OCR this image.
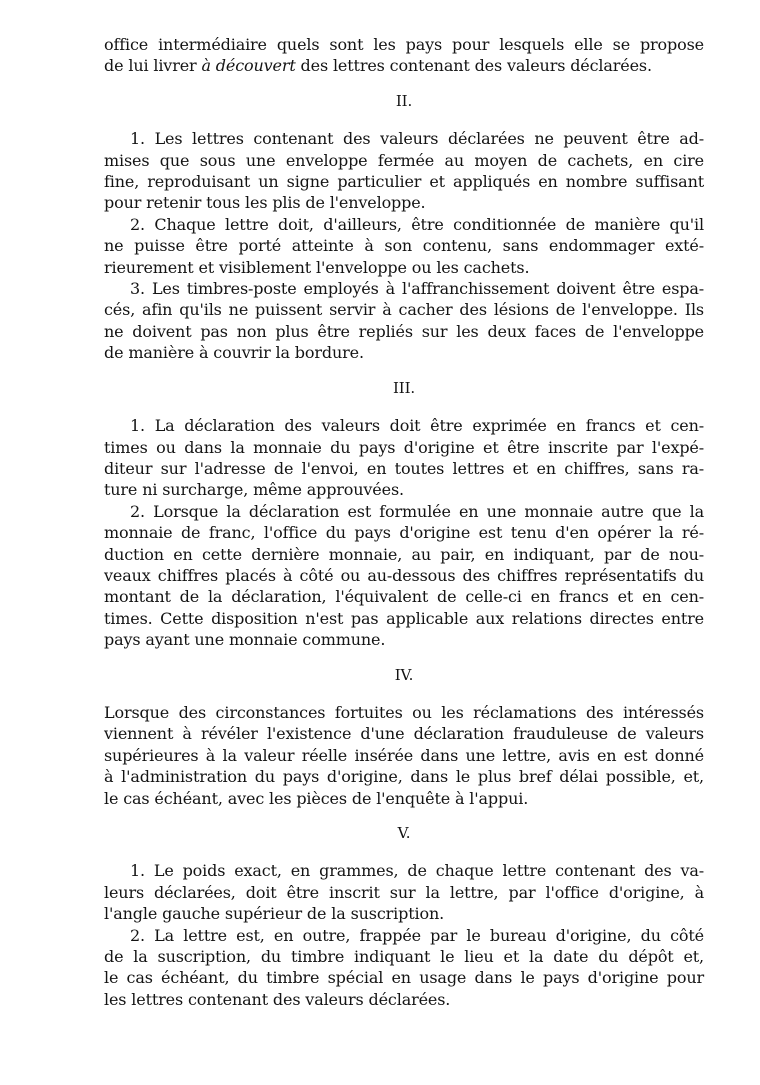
office intermédiaire quels sont les pays pour lesquels elle se propose
de lui livrer à découvert des lettres contenant des valeurs déclarées.
II.
1. Les lettres contenant des valeurs déclarées ne peuvent être ad-
mises que sous une enveloppe fermée au moyen de cachets, en cire
fine, reproduisant un signe particulier et appliqués en nombre suffisant
pour retenir tous les plis de l'enveloppe.
2. Chaque lettre doit, d'ailleurs, être conditionnée de manière qu'il
ne puisse être porté atteinte à son contenu, sans endommager exté-
rieurement et visiblement l'enveloppe ou les cachets.
3. Les timbres-poste employés à l'affranchissement doivent être espa-
cés, afin qu'ils ne puissent servir à cacher des lésions de l'enveloppe. Ils
ne doivent pas non plus être repliés sur les deux faces de l'enveloppe
de manière à couvrir la bordure.
III.
1. La déclaration des valeurs doit être exprimée en francs et cen-
times ou dans la monnaie du pays d'origine et être inscrite par l'expé-
diteur sur l'adresse de l'envoi, en toutes lettres et en chiffres, sans ra-
ture ni surcharge, même approuvées.
2. Lorsque la déclaration est formulée en une monnaie autre que la
monnaie de franc, l'office du pays d'origine est tenu d'en opérer la ré-
duction en cette dernière monnaie, au pair, en indiquant, par de nou-
veaux chiffres placés à côté ou au-dessous des chiffres représentatifs du
montant de la déclaration, l'équivalent de celle-ci en francs et en cen-
times. Cette disposition n'est pas applicable aux relations directes entre
pays ayant une monnaie commune.
IV.
Lorsque des circonstances fortuites ou les réclamations des intéressés
viennent à révéler l'existence d'une déclaration frauduleuse de valeurs
supérieures à la valeur réelle insérée dans une lettre, avis en est donné
à l'administration du pays d'origine, dans le plus bref délai possible, et,
le cas échéant, avec les pièces de l'enquête à l'appui.
V.
1. Le poids exact, en grammes, de chaque lettre contenant des va-
leurs déclarées, doit être inscrit sur la lettre, par l'office d'origine, à
l'angle gauche supérieur de la suscription.
2. La lettre est, en outre, frappée par le bureau d'origine, du côté
de la suscription, du timbre indiquant le lieu et la date du dépôt et,
le cas échéant, du timbre spécial en usage dans le pays d'origine pour
les lettres contenant des valeurs déclarées.
